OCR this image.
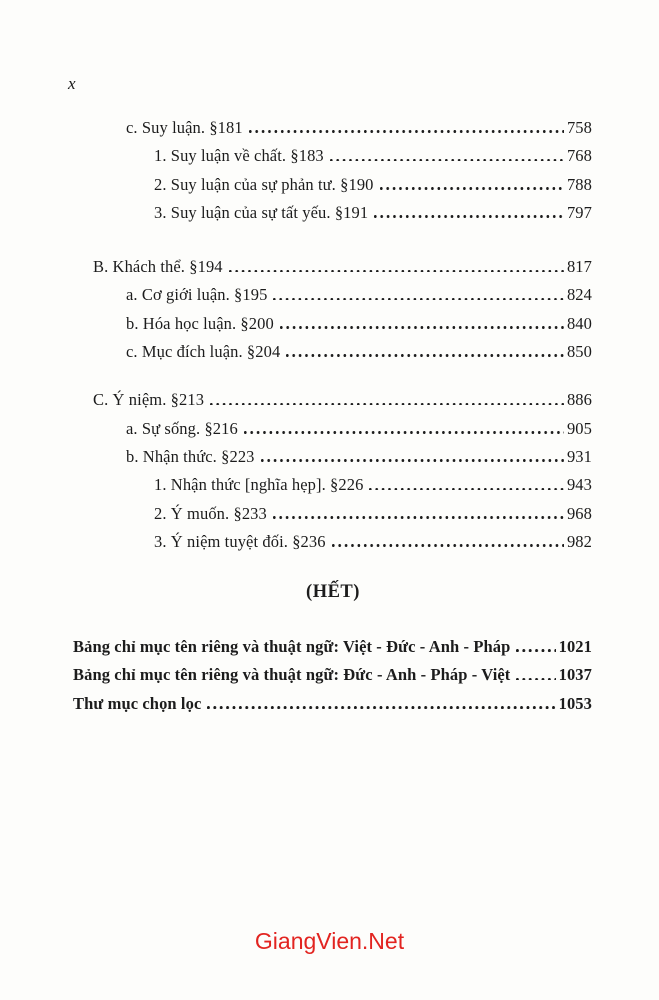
x
c. Suy luận. §181	758
1. Suy luận về chất. §183	768
2. Suy luận của sự phản tư. §190	788
3. Suy luận của sự tất yếu. §191	797
B. Khách thể. §194	817
a. Cơ giới luận. §195	824
b. Hóa học luận. §200	840
c. Mục đích luận. §204	850
C. Ý niệm. §213	886
a. Sự sống. §216	905
b. Nhận thức. §223	931
1. Nhận thức [nghĩa hẹp]. §226	943
2. Ý muốn. §233	968
3. Ý niệm tuyệt đối. §236	982
(HẾT)
Bảng chỉ mục tên riêng và thuật ngữ: Việt - Đức - Anh - Pháp	1021
Bảng chỉ mục tên riêng và thuật ngữ: Đức - Anh - Pháp - Việt	1037
Thư mục chọn lọc	1053
GiangVien.Net
